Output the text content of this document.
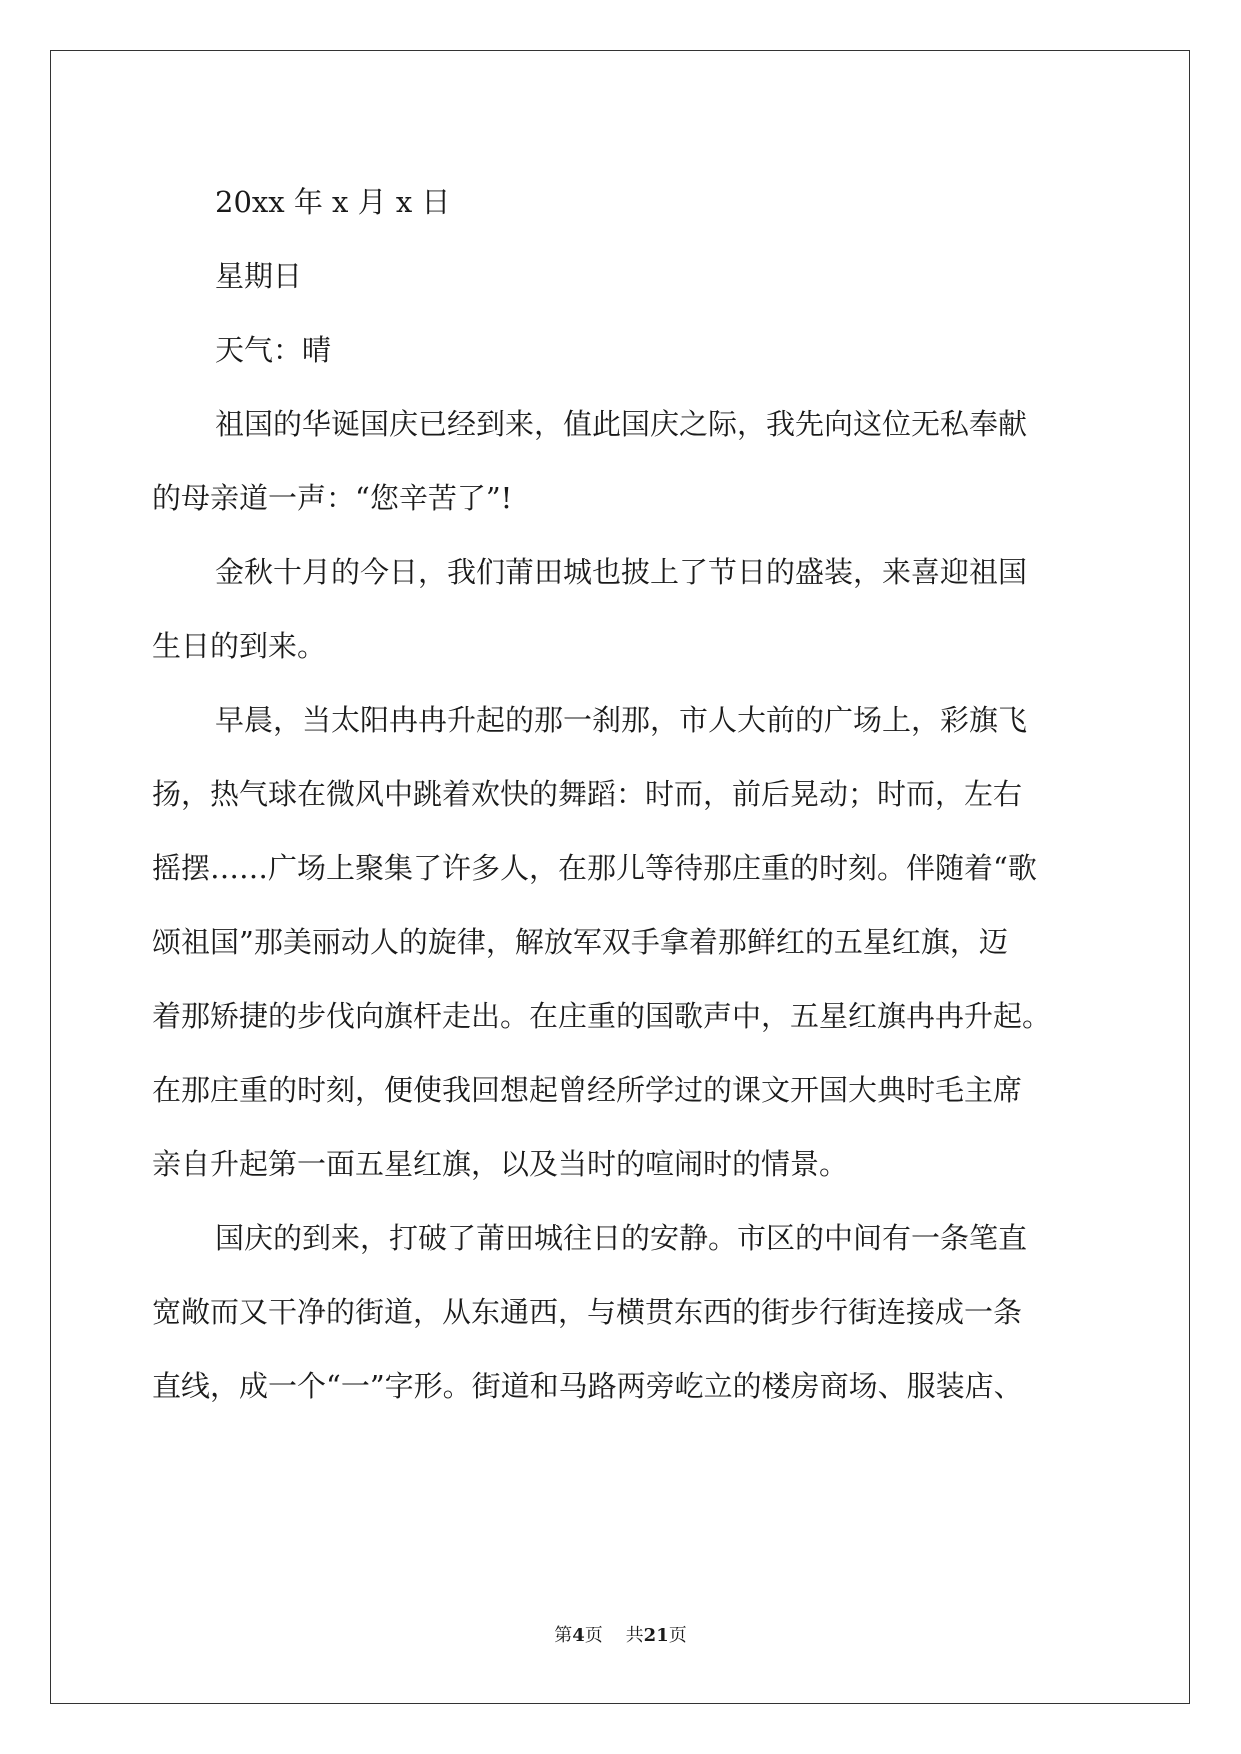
20xx 年 x 月 x 日
星期日
天气：晴
祖国的华诞国庆已经到来，值此国庆之际，我先向这位无私奉献
的母亲道一声：“您辛苦了”!
金秋十月的今日，我们莆田城也披上了节日的盛装，来喜迎祖国
生日的到来。
早晨，当太阳冉冉升起的那一刹那，市人大前的广场上，彩旗飞
扬，热气球在微风中跳着欢快的舞蹈：时而，前后晃动；时而，左右
摇摆……广场上聚集了许多人，在那儿等待那庄重的时刻。伴随着“歌
颂祖国”那美丽动人的旋律，解放军双手拿着那鲜红的五星红旗，迈
着那矫捷的步伐向旗杆走出。在庄重的国歌声中，五星红旗冉冉升起。
在那庄重的时刻，便使我回想起曾经所学过的课文开国大典时毛主席
亲自升起第一面五星红旗，以及当时的喧闹时的情景。
国庆的到来，打破了莆田城往日的安静。市区的中间有一条笔直
宽敞而又干净的街道，从东通西，与横贯东西的街步行街连接成一条
直线，成一个“一”字形。街道和马路两旁屹立的楼房商场、服装店、
第4页 共21页
